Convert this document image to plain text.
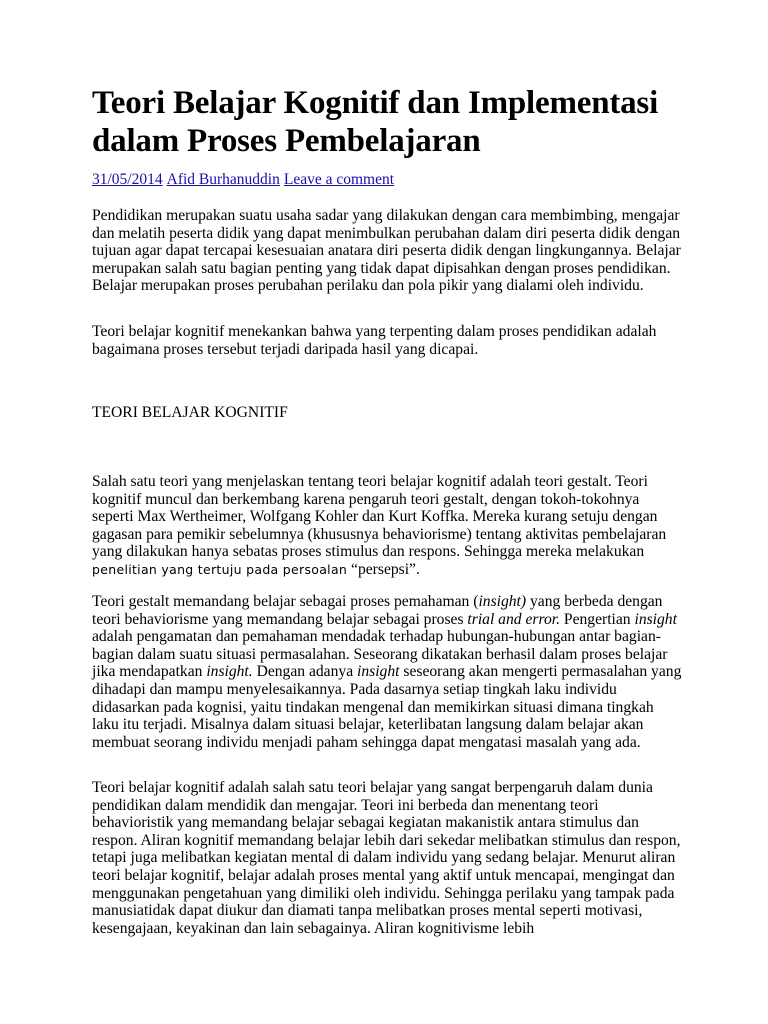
Teori Belajar Kognitif dan Implementasi dalam Proses Pembelajaran
31/05/2014 Afid Burhanuddin Leave a comment

Pendidikan merupakan suatu usaha sadar yang dilakukan dengan cara membimbing, mengajar dan melatih peserta didik yang dapat menimbulkan perubahan dalam diri peserta didik dengan tujuan agar dapat tercapai kesesuaian anatara diri peserta didik dengan lingkungannya. Belajar merupakan salah satu bagian penting yang tidak dapat dipisahkan dengan proses pendidikan. Belajar merupakan proses perubahan perilaku dan pola pikir yang dialami oleh individu.

Teori belajar kognitif menekankan bahwa yang terpenting dalam proses pendidikan adalah bagaimana proses tersebut terjadi daripada hasil yang dicapai.

TEORI BELAJAR KOGNITIF

Salah satu teori yang menjelaskan tentang teori belajar kognitif adalah teori gestalt. Teori kognitif muncul dan berkembang karena pengaruh teori gestalt, dengan tokoh-tokohnya seperti Max Wertheimer, Wolfgang Kohler dan Kurt Koffka. Mereka kurang setuju dengan gagasan para pemikir sebelumnya (khususnya behaviorisme) tentang aktivitas pembelajaran yang dilakukan hanya sebatas proses stimulus dan respons. Sehingga mereka melakukan penelitian yang tertuju pada persoalan “persepsi”.

Teori gestalt memandang belajar sebagai proses pemahaman (insight) yang berbeda dengan teori behaviorisme yang memandang belajar sebagai proses trial and error. Pengertian insight adalah pengamatan dan pemahaman mendadak terhadap hubungan-hubungan antar bagian-bagian dalam suatu situasi permasalahan. Seseorang dikatakan berhasil dalam proses belajar jika mendapatkan insight. Dengan adanya insight seseorang akan mengerti permasalahan yang dihadapi dan mampu menyelesaikannya. Pada dasarnya setiap tingkah laku individu didasarkan pada kognisi, yaitu tindakan mengenal dan memikirkan situasi dimana tingkah laku itu terjadi. Misalnya dalam situasi belajar, keterlibatan langsung dalam belajar akan membuat seorang individu menjadi paham sehingga dapat mengatasi masalah yang ada.

Teori belajar kognitif adalah salah satu teori belajar yang sangat berpengaruh dalam dunia pendidikan dalam mendidik dan mengajar. Teori ini berbeda dan menentang teori behavioristik yang memandang belajar sebagai kegiatan makanistik antara stimulus dan respon. Aliran kognitif memandang belajar lebih dari sekedar melibatkan stimulus dan respon, tetapi juga melibatkan kegiatan mental di dalam individu yang sedang belajar. Menurut aliran teori belajar kognitif, belajar adalah proses mental yang aktif untuk mencapai, mengingat dan menggunakan pengetahuan yang dimiliki oleh individu. Sehingga perilaku yang tampak pada manusiatidak dapat diukur dan diamati tanpa melibatkan proses mental seperti motivasi, kesengajaan, keyakinan dan lain sebagainya. Aliran kognitivisme lebih
